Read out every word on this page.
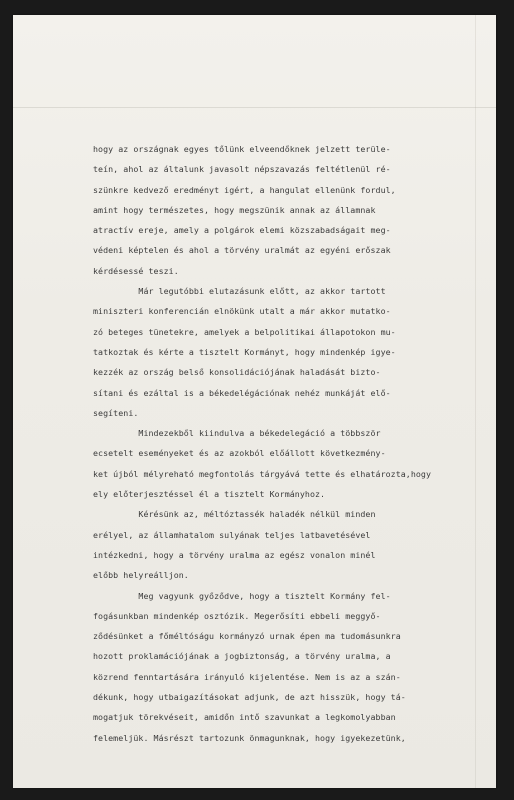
hogy az országnak egyes tőlünk elveendőknek jelzett terüle-
teín, ahol az általunk javasolt népszavazás feltétlenül ré-
szünkre kedvező eredményt igért, a hangulat ellenünk fordul,
amint hogy természetes, hogy megszünik annak az államnak
atractív ereje, amely a polgárok elemi közszabadságait meg-
védeni képtelen és ahol a törvény uralmát az egyéni erőszak
kérdésessé teszi.
Már legutóbbi elutazásunk előtt, az akkor tartott
miniszteri konferencián elnökünk utalt a már akkor mutatko-
zó beteges tünetekre, amelyek a belpolitikai állapotokon mu-
tatkoztak és kérte a tisztelt Kormányt, hogy mindenkép igye-
kezzék az ország belső konsolidációjának haladását bizto-
sítani és ezáltal is a békedelégációnak nehéz munkáját elő-
segíteni.
Mindezekből kiindulva a békedelegáció a többször
ecsetelt eseményeket és az azokból előállott következmény-
ket újból mélyreható megfontolás tárgyává tette és elhatározta,hogy
ely előterjesztéssel él a tisztelt Kormányhoz.
Kérésünk az, méltóztassék haladék nélkül minden
erélyel, az államhatalom sulyának teljes latbavetésével
intézkedni, hogy a törvény uralma az egész vonalon minél
előbb helyreálljon.
Meg vagyunk győződve, hogy a tisztelt Kormány fel-
fogásunkban mindenkép osztózik. Megerősíti ebbeli meggyő-
ződésünket a főméltóságu kormányzó urnak épen ma tudomásunkra
hozott proklamációjának a jogbiztonság, a törvény uralma, a
közrend fenntartására irányuló kijelentése. Nem is az a szán-
dékunk, hogy utbaigazításokat adjunk, de azt hisszük, hogy tá-
mogatjuk törekvéseit, amidőn intő szavunkat a legkomolyabban
felemeljük. Másrészt tartozunk önmagunknak, hogy igyekezetünk,
